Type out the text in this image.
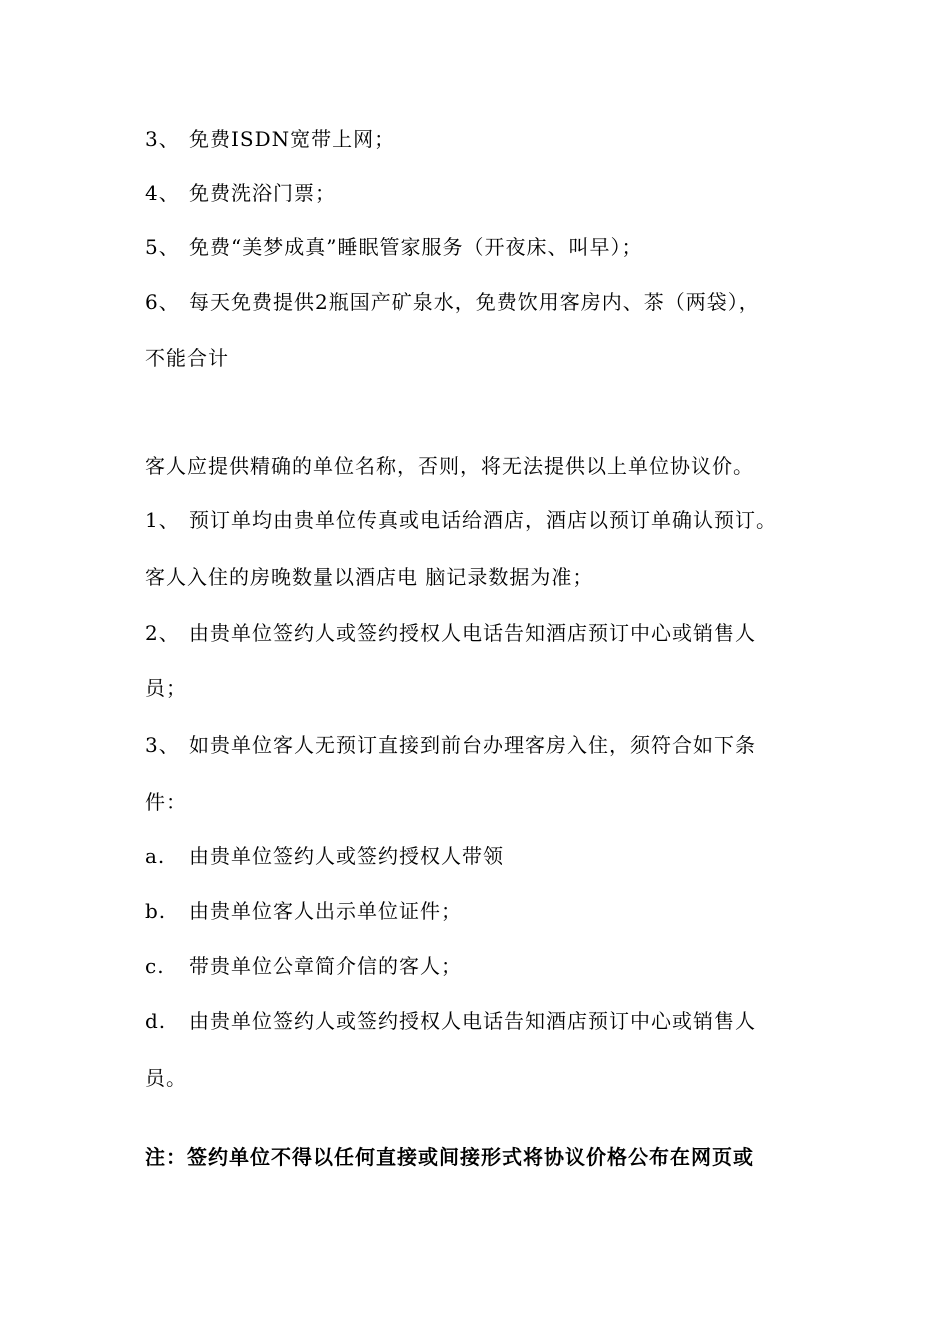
3、 免费ISDN宽带上网；
4、 免费洗浴门票；
5、 免费“美梦成真”睡眠管家服务（开夜床、叫早）；
6、 每天免费提供2瓶国产矿泉水，免费饮用客房内、茶（两袋），
不能合计
客人应提供精确的单位名称，否则，将无法提供以上单位协议价。
1、 预订单均由贵单位传真或电话给酒店，酒店以预订单确认预订。
客人入住的房晚数量以酒店电 脑记录数据为准；
2、 由贵单位签约人或签约授权人电话告知酒店预订中心或销售人
员；
3、 如贵单位客人无预订直接到前台办理客房入住，须符合如下条
件：
a. 由贵单位签约人或签约授权人带领
b. 由贵单位客人出示单位证件；
c. 带贵单位公章简介信的客人；
d. 由贵单位签约人或签约授权人电话告知酒店预订中心或销售人
员。
注：签约单位不得以任何直接或间接形式将协议价格公布在网页或
